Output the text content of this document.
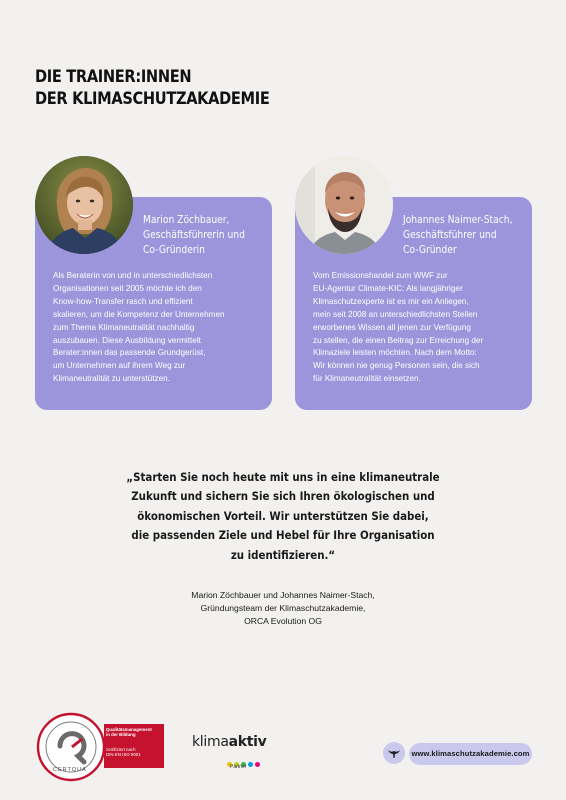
DIE TRAINER:INNEN
DER KLIMASCHUTZAKADEMIE
Marion Zöchbauer,
Geschäftsführerin und
Co-Gründerin
Als Beraterin von und in unterschiedlichsten
Organisationen seit 2005 möchte ich den
Know-how-Transfer rasch und effizient
skalieren, um die Kompetenz der Unternehmen
zum Thema Klimaneutralität nachhaltig
auszubauen. Diese Ausbildung vermittelt
Berater:innen das passende Grundgerüst,
um Unternehmen auf ihrem Weg zur
Klimaneutralität zu unterstützen.
Johannes Naimer-Stach,
Geschäftsführer und
Co-Gründer
Vom Emissionshandel zum WWF zur
EU-Agentur Climate-KIC: Als langjähriger
Klimaschutzexperte ist es mir ein Anliegen,
mein seit 2008 an unterschiedlichsten Stellen
erworbenes Wissen all jenen zur Verfügung
zu stellen, die einen Beitrag zur Erreichung der
Klimaziele leisten möchten. Nach dem Motto:
Wir können nie genug Personen sein, die sich
für Klimaneutralität einsetzen.
„Starten Sie noch heute mit uns in eine klimaneutrale
Zukunft und sichern Sie sich Ihren ökologischen und
ökonomischen Vorteil. Wir unterstützen Sie dabei,
die passenden Ziele und Hebel für Ihre Organisation
zu identifizieren.“
Marion Zöchbauer und Johannes Naimer-Stach,
Gründungsteam der Klimaschutzakademie,
ORCA Evolution OG
Qualitätsmanagement
in der Bildung
zertifiziert nach
DIN EN ISO 9001
CERTQUA
klimaaktiv
Partner
www.klimaschutzakademie.com
